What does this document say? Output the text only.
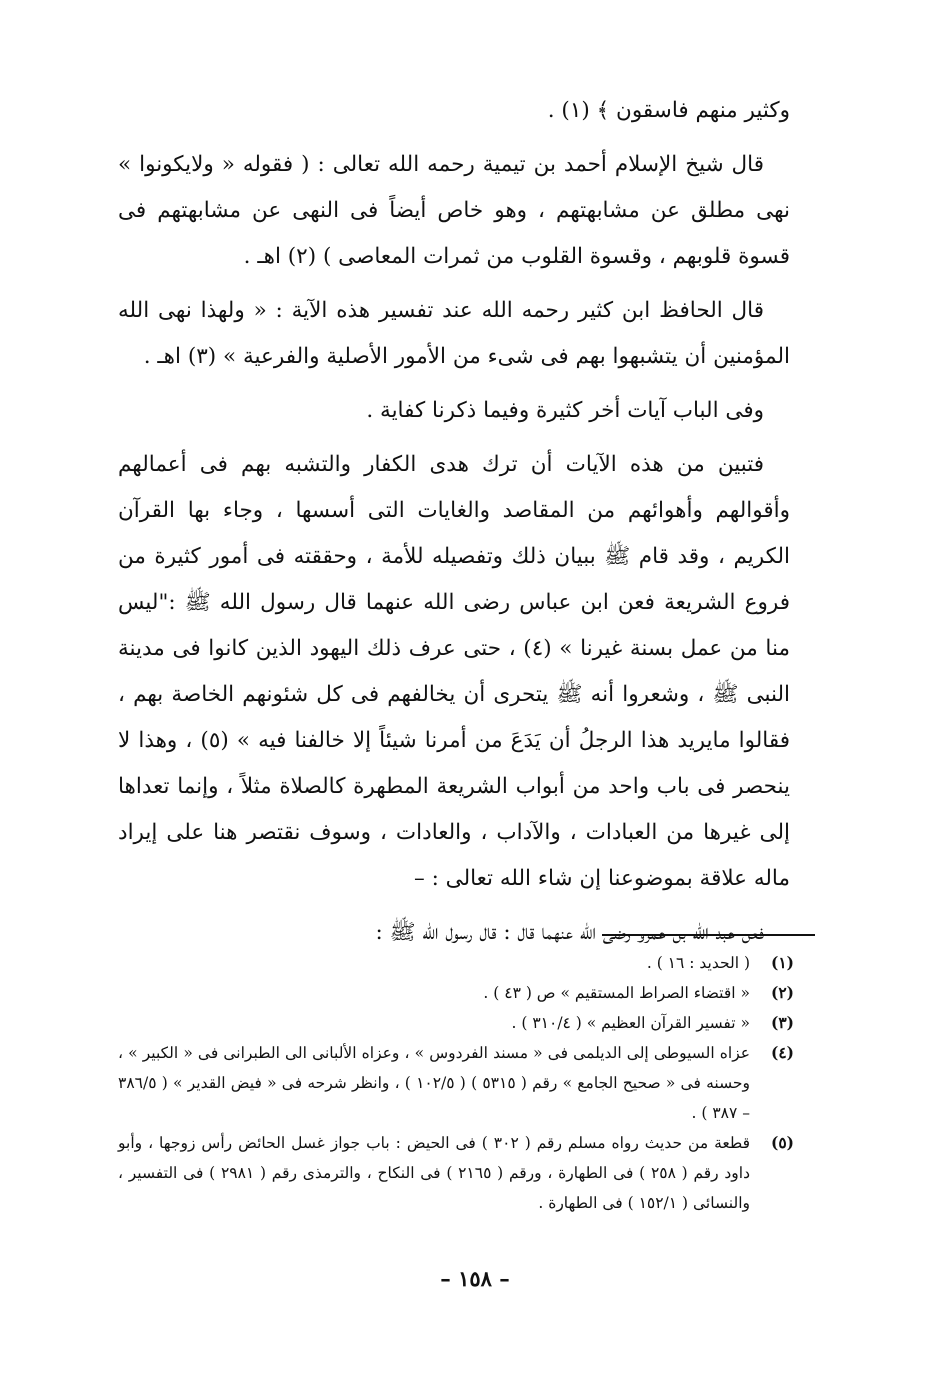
وكثير منهم فاسقون ﴾ (١) .

قال شيخ الإسلام أحمد بن تيمية رحمه الله تعالى : ( فقوله « ولايكونوا » نهى مطلق عن مشابهتهم ، وهو خاص أيضاً فى النهى عن مشابهتهم فى قسوة قلوبهم ، وقسوة القلوب من ثمرات المعاصى ) (٢) اهـ .

قال الحافظ ابن كثير رحمه الله عند تفسير هذه الآية : « ولهذا نهى الله المؤمنين أن يتشبهوا بهم فى شىء من الأمور الأصلية والفرعية » (٣) اهـ .

وفى الباب آيات أخر كثيرة وفيما ذكرنا كفاية .

فتبين من هذه الآيات أن ترك هدى الكفار والتشبه بهم فى أعمالهم وأقوالهم وأهوائهم من المقاصد والغايات التى أسسها ، وجاء بها القرآن الكريم ، وقد قام ﷺ ببيان ذلك وتفصيله للأمة ، وحققته فى أمور كثيرة من فروع الشريعة فعن ابن عباس رضى الله عنهما قال رسول الله ﷺ :"ليس منا من عمل بسنة غيرنا » (٤) ، حتى عرف ذلك اليهود الذين كانوا فى مدينة النبى ﷺ ، وشعروا أنه ﷺ يتحرى أن يخالفهم فى كل شئونهم الخاصة بهم ، فقالوا مايريد هذا الرجلُ أن يَدَعَ من أمرنا شيئاً إلا خالفنا فيه » (٥) ، وهذا لا ينحصر فى باب واحد من أبواب الشريعة المطهرة كالصلاة مثلاً ، وإنما تعداها إلى غيرها من العبادات ، والآداب ، والعادات ، وسوف نقتصر هنا على إيراد ماله علاقة بموضوعنا إن شاء الله تعالى : –

فعن عبد الله بن عمرو رضى الله عنهما قال : قال رسول الله ﷺ :

(١)
( الحديد : ١٦ ) .
(٢)
« اقتضاء الصراط المستقيم » ص ( ٤٣ ) .
(٣)
« تفسير القرآن العظيم » ( ٣١٠/٤ ) .
(٤)
عزاه السيوطى إلى الديلمى فى « مسند الفردوس » ، وعزاه الألبانى الى الطبرانى فى « الكبير » ، وحسنه فى « صحيح الجامع » رقم ( ٥٣١٥ ) ( ١٠٢/٥ ) ، وانظر شرحه فى « فيض القدير » ( ٣٨٦/٥ – ٣٨٧ ) .
(٥)
قطعة من حديث رواه مسلم رقم ( ٣٠٢ ) فى الحيض : باب جواز غسل الحائض رأس زوجها ، وأبو داود رقم ( ٢٥٨ ) فى الطهارة ، ورقم ( ٢١٦٥ ) فى النكاح ، والترمذى رقم ( ٢٩٨١ ) فى التفسير ، والنسائى ( ١٥٢/١ ) فى الطهارة .
– ١٥٨ –
